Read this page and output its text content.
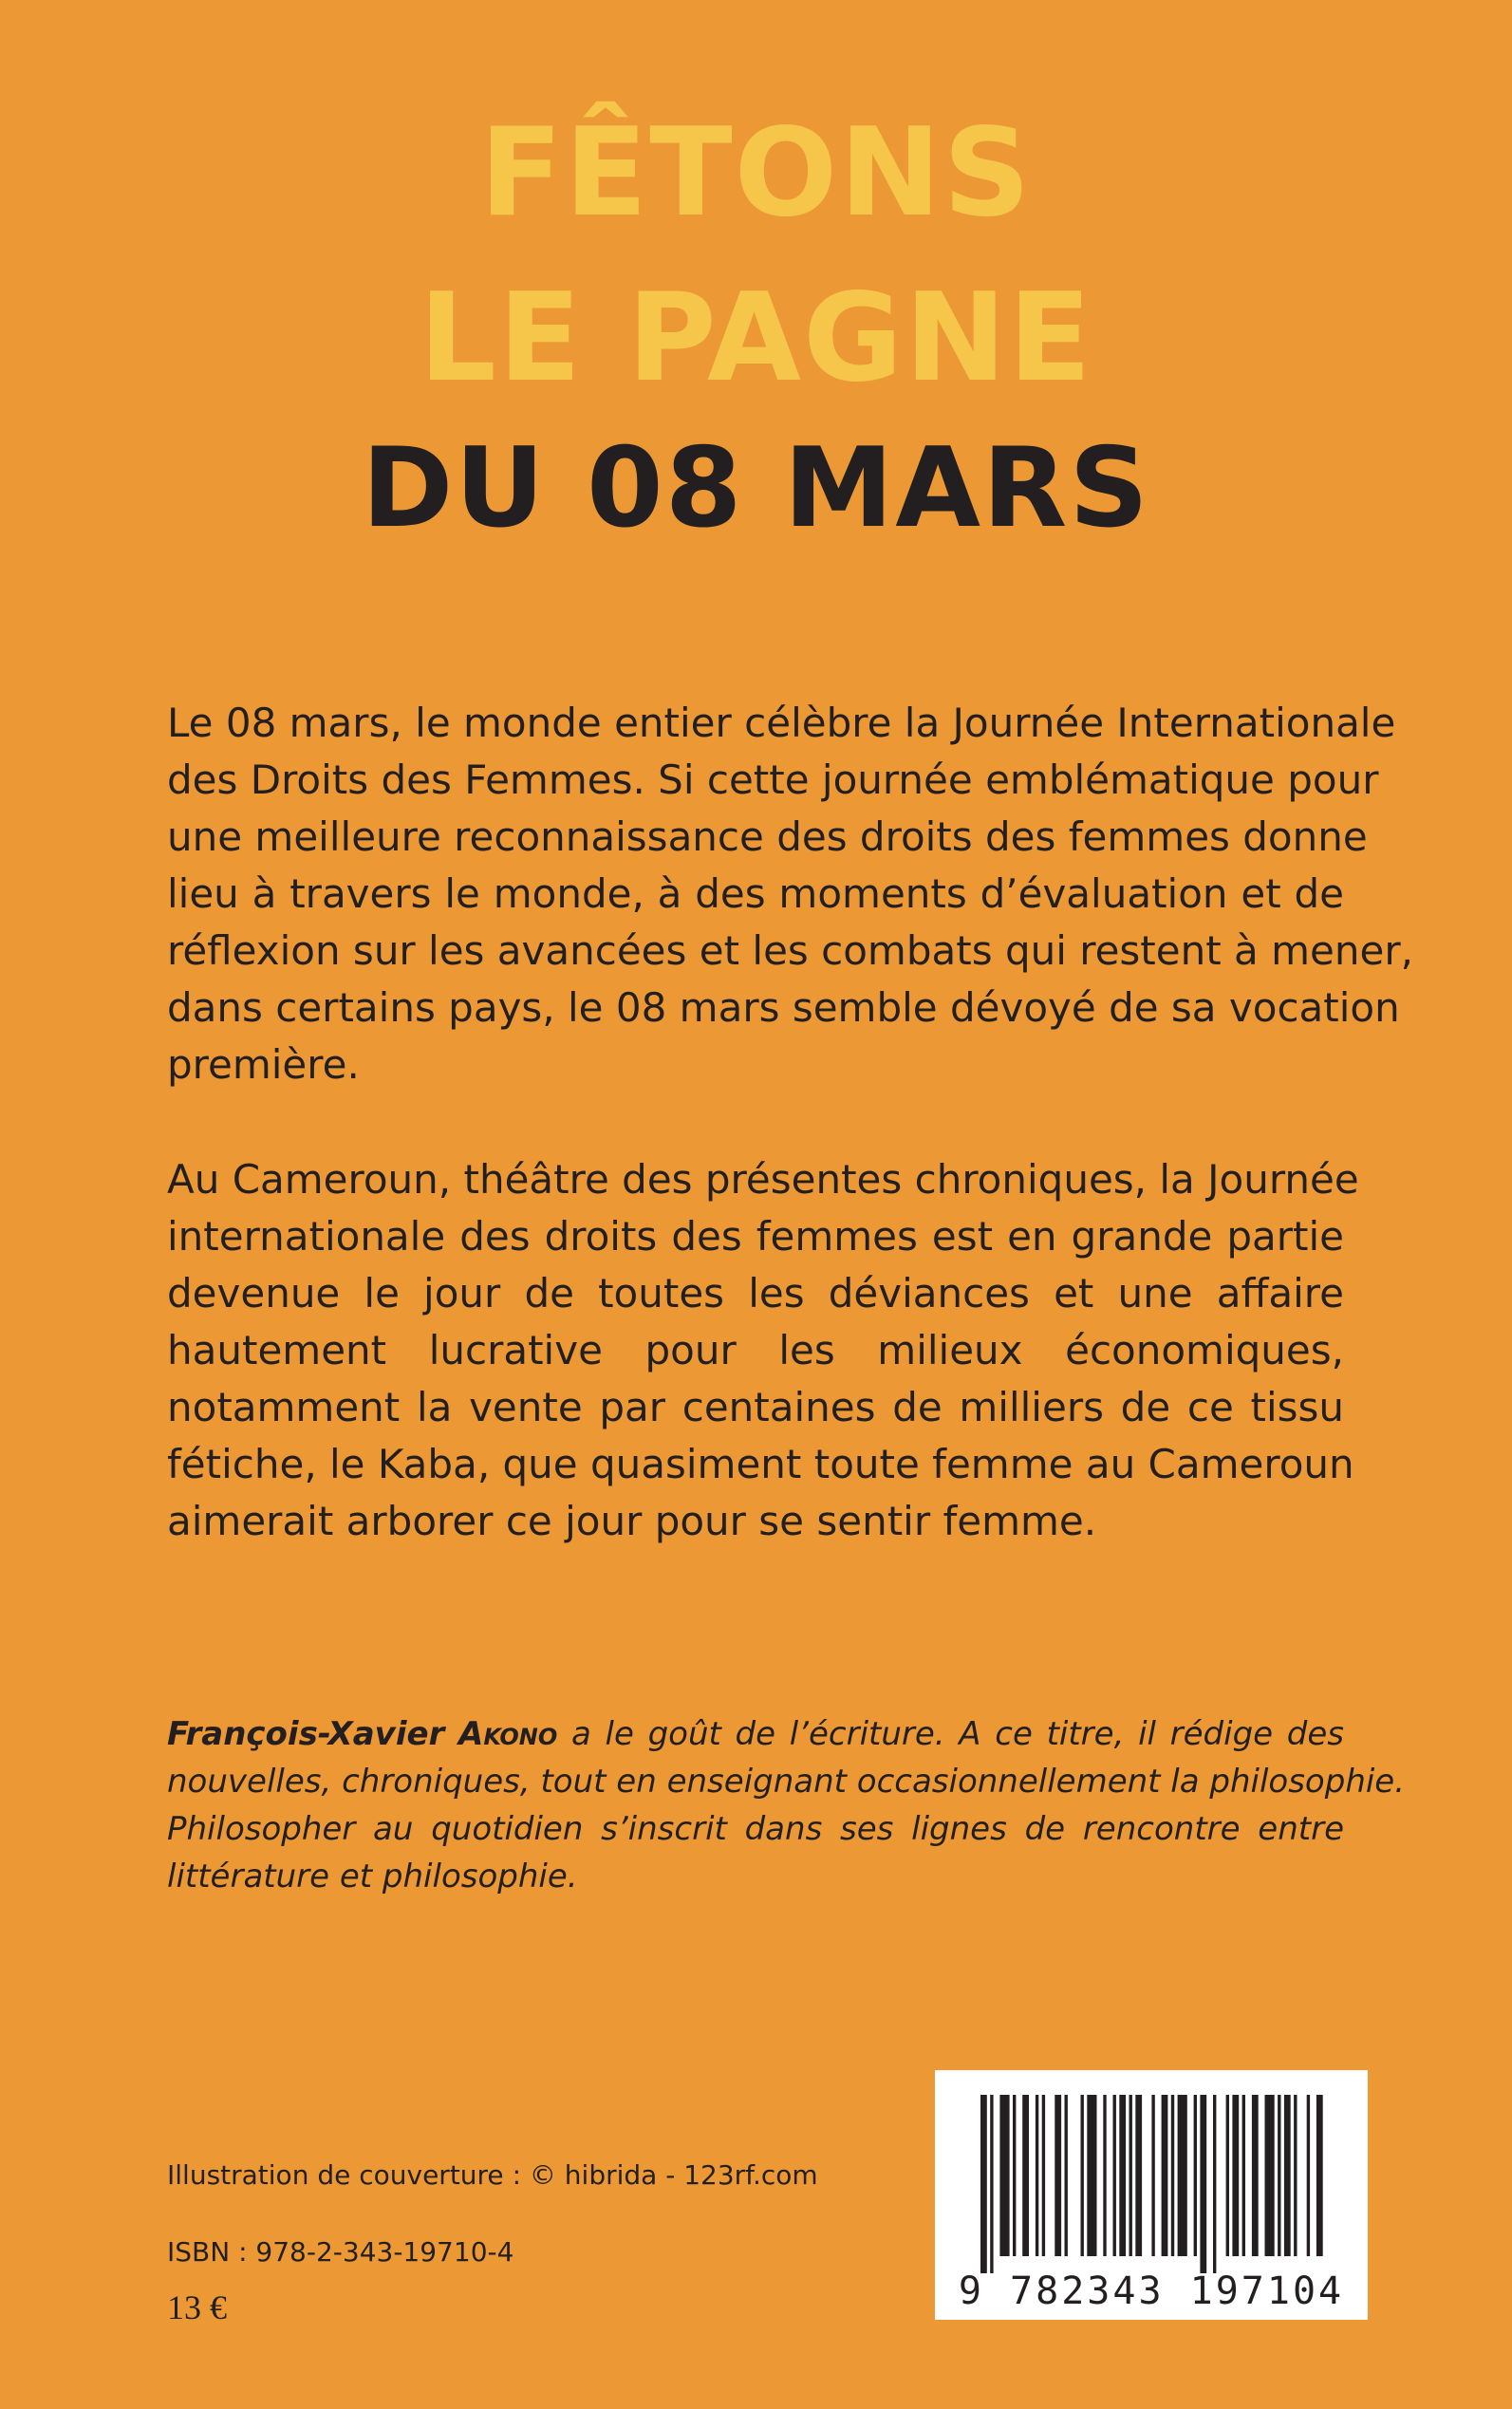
FÊTONS
LE PAGNE
DU 08 MARS
Le 08 mars, le monde entier célèbre la Journée Internationale
des Droits des Femmes. Si cette journée emblématique pour
une meilleure reconnaissance des droits des femmes donne
lieu à travers le monde, à des moments d’évaluation et de
réflexion sur les avancées et les combats qui restent à mener,
dans certains pays, le 08 mars semble dévoyé de sa vocation
première.
Au Cameroun, théâtre des présentes chroniques, la Journée
internationale des droits des femmes est en grande partie
devenue le jour de toutes les déviances et une affaire
hautement lucrative pour les milieux économiques,
notamment la vente par centaines de milliers de ce tissu
fétiche, le Kaba, que quasiment toute femme au Cameroun
aimerait arborer ce jour pour se sentir femme.
François-Xavier Akono a le goût de l’écriture. A ce titre, il rédige des
nouvelles, chroniques, tout en enseignant occasionnellement la philosophie.
Philosopher au quotidien s’inscrit dans ses lignes de rencontre entre
littérature et philosophie.
Illustration de couverture : © hibrida - 123rf.com
ISBN : 978-2-343-19710-4
13 €	9 782343 197104
